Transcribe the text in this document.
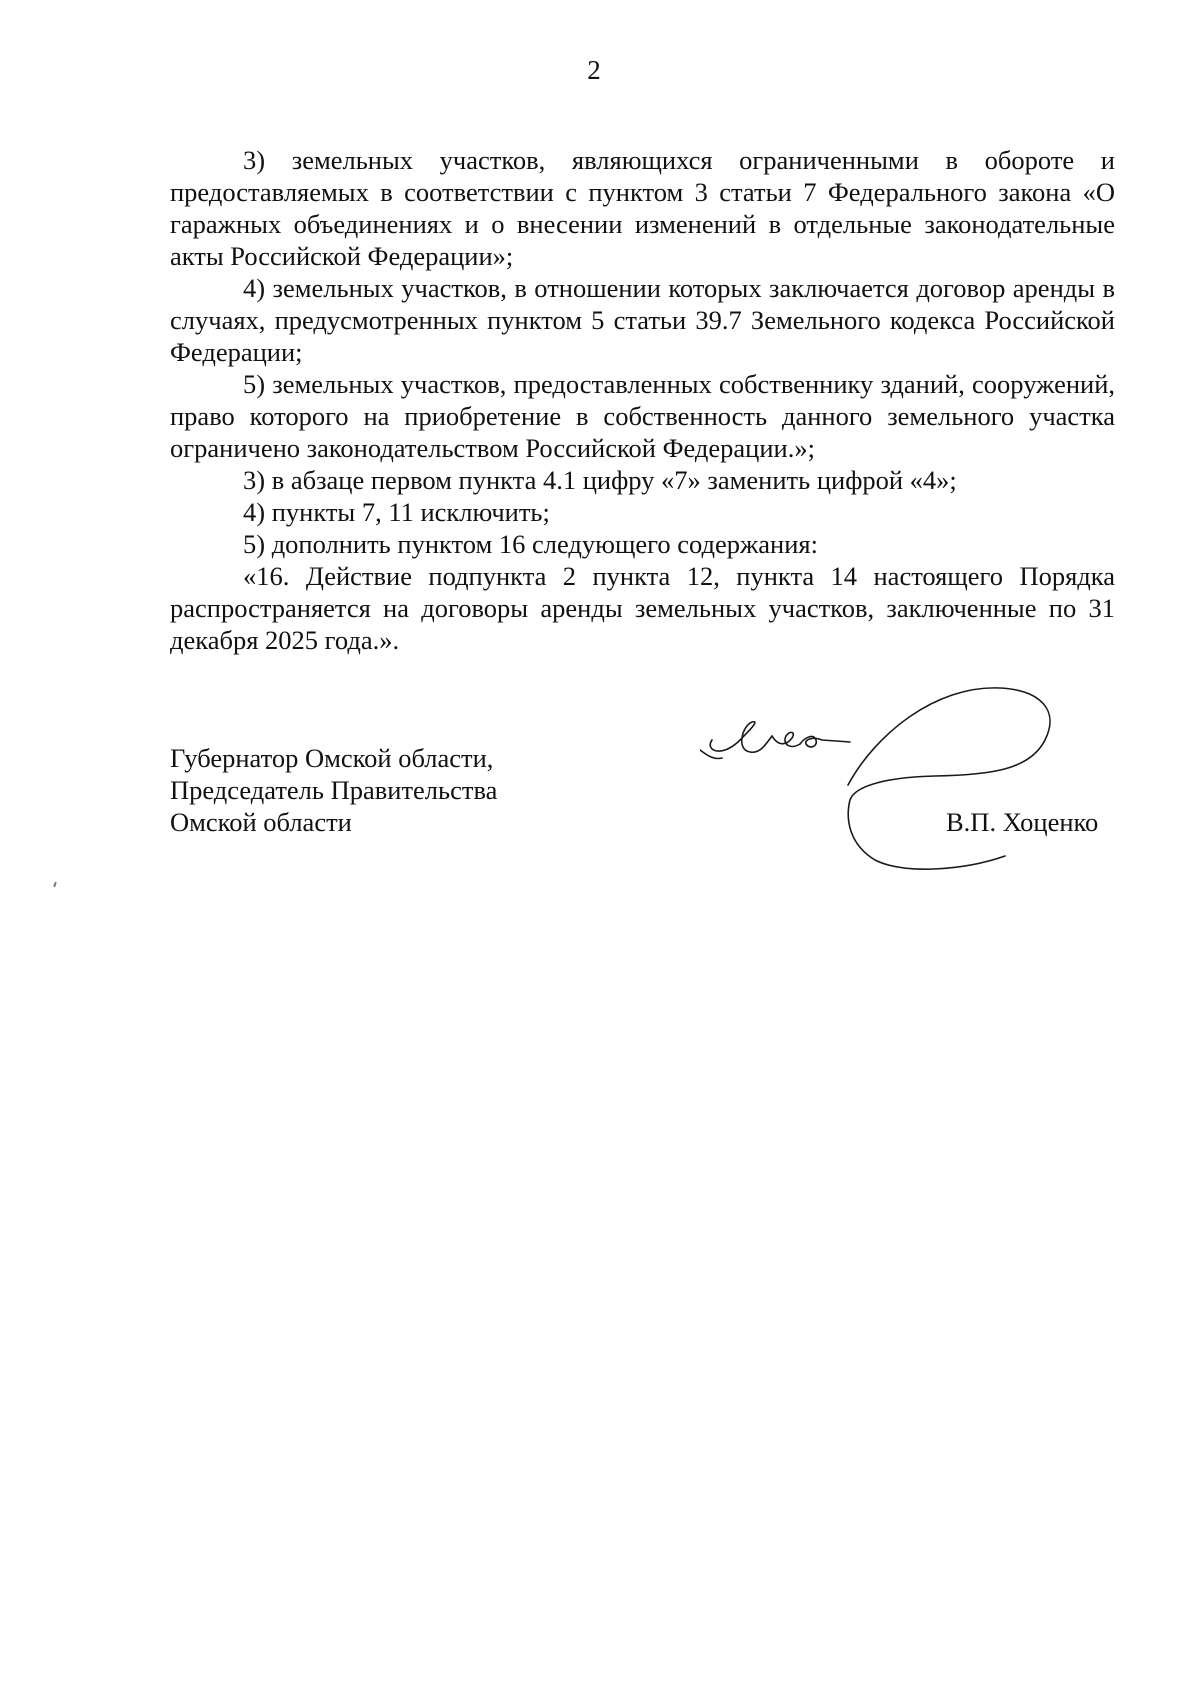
2

3) земельных участков, являющихся ограниченными в обороте и предоставляемых в соответствии с пунктом 3 статьи 7 Федерального закона «О гаражных объединениях и о внесении изменений в отдельные законодательные акты Российской Федерации»;

4) земельных участков, в отношении которых заключается договор аренды в случаях, предусмотренных пунктом 5 статьи 39.7 Земельного кодекса Российской Федерации;

5) земельных участков, предоставленных собственнику зданий, сооружений, право которого на приобретение в собственность данного земельного участка ограничено законодательством Российской Федерации.»;

3) в абзаце первом пункта 4.1 цифру «7» заменить цифрой «4»;

4) пункты 7, 11 исключить;

5) дополнить пунктом 16 следующего содержания:

«16. Действие подпункта 2 пункта 12, пункта 14 настоящего Порядка распространяется на договоры аренды земельных участков, заключенные по 31 декабря 2025 года.».

Губернатор Омской области,
Председатель Правительства
Омской области	В.П. Хоценко
